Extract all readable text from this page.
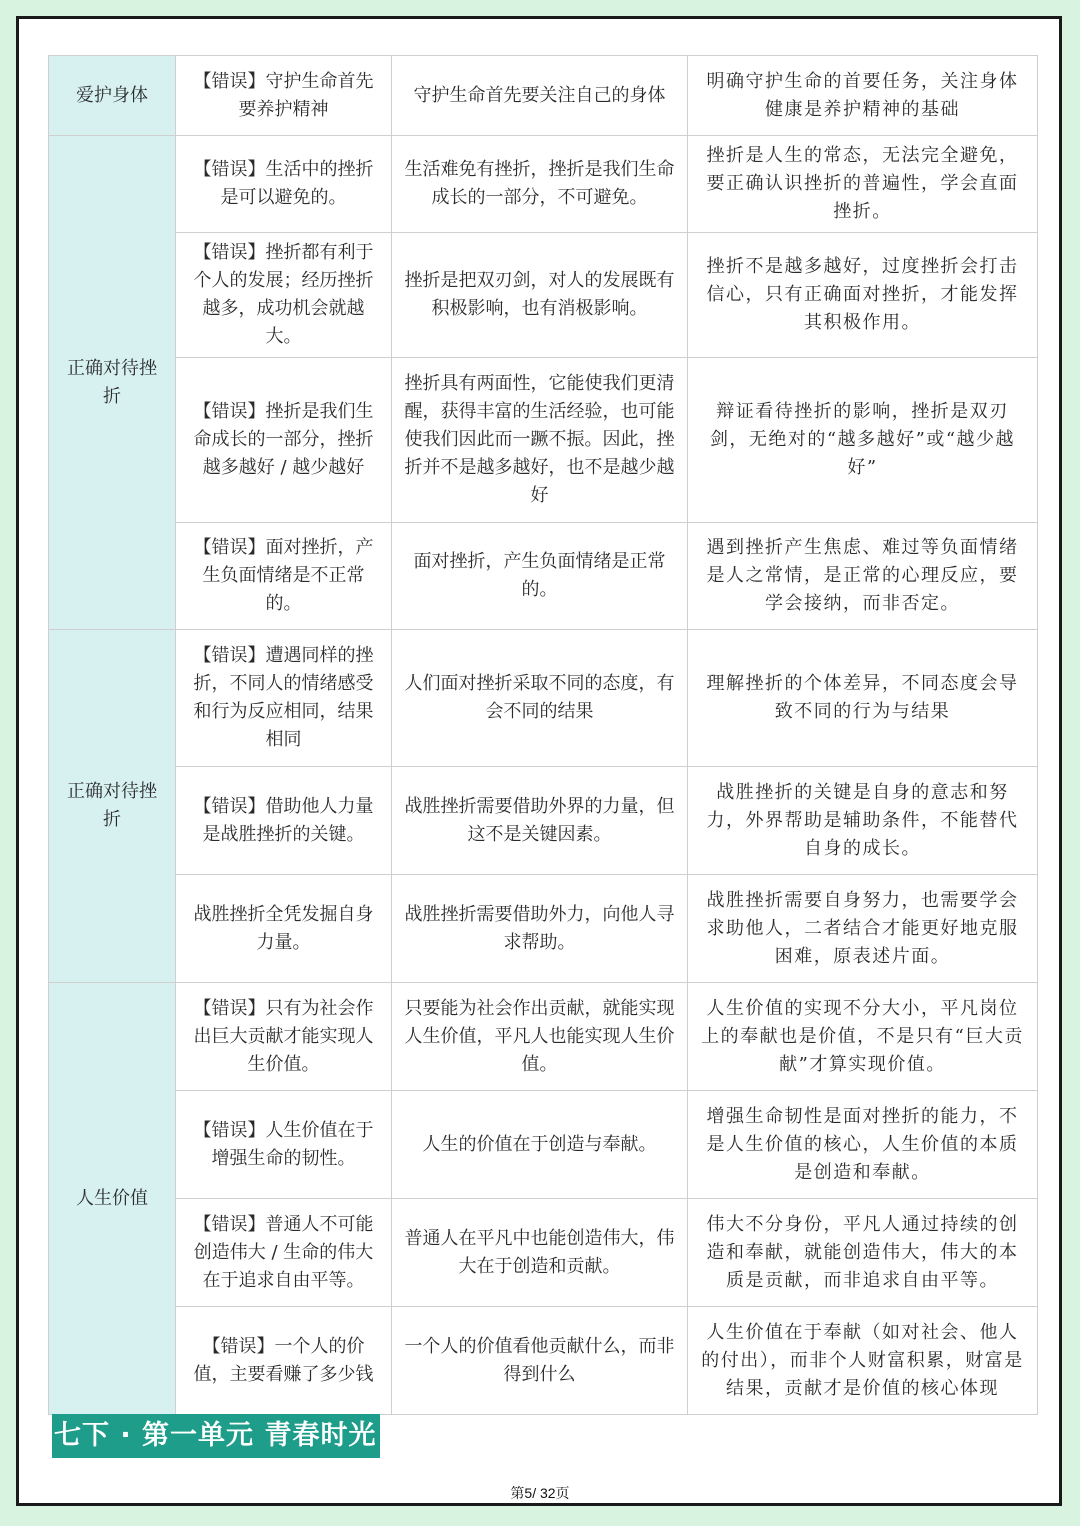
爱护身体	【错误】守护生命首先要养护精神	守护生命首先要关注自己的身体	明确守护生命的首要任务，关注身体健康是养护精神的基础
正确对待挫折	【错误】生活中的挫折是可以避免的。	生活难免有挫折，挫折是我们生命成长的一部分，不可避免。	挫折是人生的常态，无法完全避免，要正确认识挫折的普遍性，学会直面挫折。
	【错误】挫折都有利于个人的发展；经历挫折越多，成功机会就越大。	挫折是把双刃剑，对人的发展既有积极影响，也有消极影响。	挫折不是越多越好，过度挫折会打击信心，只有正确面对挫折，才能发挥其积极作用。
	【错误】挫折是我们生命成长的一部分，挫折越多越好 / 越少越好	挫折具有两面性，它能使我们更清醒，获得丰富的生活经验，也可能使我们因此而一蹶不振。因此，挫折并不是越多越好，也不是越少越好	辩证看待挫折的影响，挫折是双刃剑，无绝对的“越多越好”或“越少越好”
	【错误】面对挫折，产生负面情绪是不正常的。	面对挫折，产生负面情绪是正常的。	遇到挫折产生焦虑、难过等负面情绪是人之常情，是正常的心理反应，要学会接纳，而非否定。
正确对待挫折	【错误】遭遇同样的挫折，不同人的情绪感受和行为反应相同，结果相同	人们面对挫折采取不同的态度，有会不同的结果	理解挫折的个体差异，不同态度会导致不同的行为与结果
	【错误】借助他人力量是战胜挫折的关键。	战胜挫折需要借助外界的力量，但这不是关键因素。	战胜挫折的关键是自身的意志和努力，外界帮助是辅助条件，不能替代自身的成长。
	战胜挫折全凭发掘自身力量。	战胜挫折需要借助外力，向他人寻求帮助。	战胜挫折需要自身努力，也需要学会求助他人，二者结合才能更好地克服困难，原表述片面。
人生价值	【错误】只有为社会作出巨大贡献才能实现人生价值。	只要能为社会作出贡献，就能实现人生价值，平凡人也能实现人生价值。	人生价值的实现不分大小，平凡岗位上的奉献也是价值，不是只有“巨大贡献”才算实现价值。
	【错误】人生价值在于增强生命的韧性。	人生的价值在于创造与奉献。	增强生命韧性是面对挫折的能力，不是人生价值的核心，人生价值的本质是创造和奉献。
	【错误】普通人不可能创造伟大 / 生命的伟大在于追求自由平等。	普通人在平凡中也能创造伟大，伟大在于创造和贡献。	伟大不分身份，平凡人通过持续的创造和奉献，就能创造伟大，伟大的本质是贡献，而非追求自由平等。
	【错误】一个人的价值，主要看赚了多少钱	一个人的价值看他贡献什么，而非得到什么	人生价值在于奉献（如对社会、他人的付出），而非个人财富积累，财富是结果，贡献才是价值的核心体现
七下 · 第一单元 青春时光
第5/ 32页
